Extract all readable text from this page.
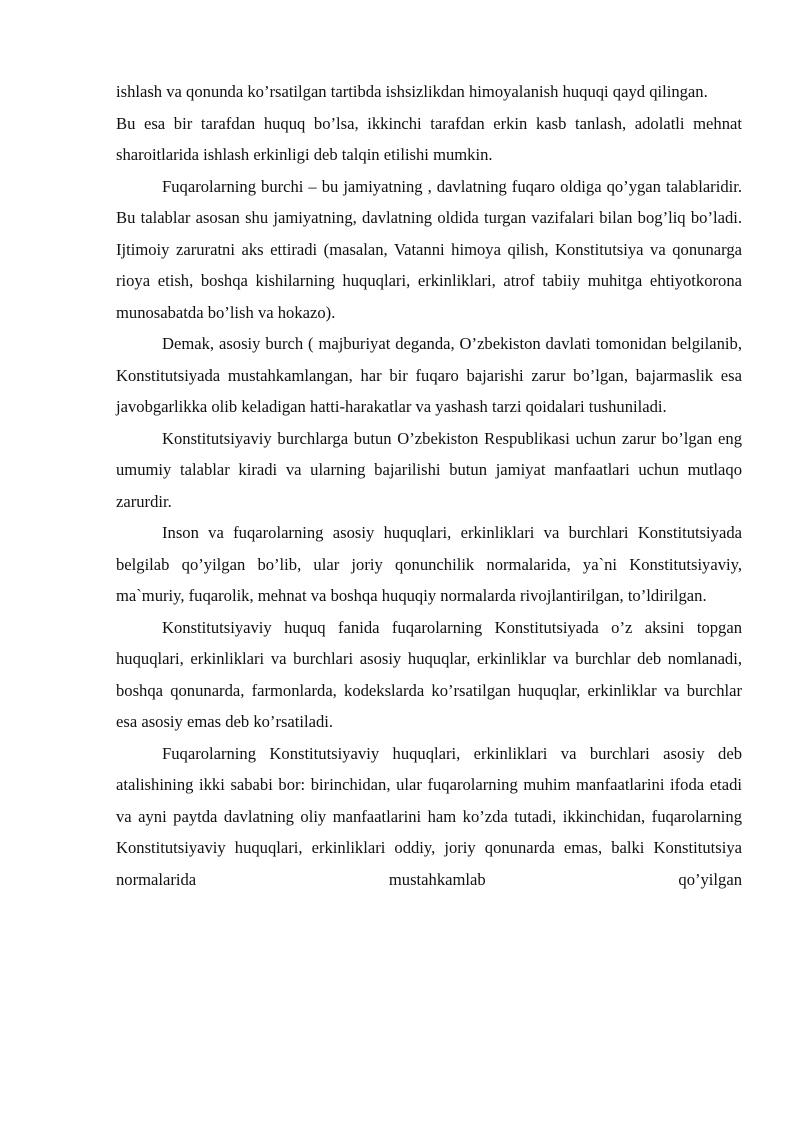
ishlash va qonunda ko’rsatilgan tartibda ishsizlikdan himoyalanish huquqi qayd qilingan.

Bu esa bir tarafdan huquq bo’lsa, ikkinchi tarafdan erkin kasb tanlash, adolatli mehnat sharoitlarida ishlash erkinligi deb talqin etilishi mumkin.

Fuqarolarning burchi – bu jamiyatning , davlatning fuqaro oldiga qo’ygan talablaridir. Bu talablar asosan shu jamiyatning, davlatning oldida turgan vazifalari bilan bog’liq bo’ladi. Ijtimoiy zaruratni aks ettiradi (masalan, Vatanni himoya qilish, Konstitutsiya va qonunarga rioya etish, boshqa kishilarning huquqlari, erkinliklari, atrof tabiiy muhitga ehtiyotkorona munosabatda bo’lish va hokazo).

Demak, asosiy burch ( majburiyat deganda, O’zbekiston davlati tomonidan belgilanib, Konstitutsiyada mustahkamlangan, har bir fuqaro bajarishi zarur bo’lgan, bajarmaslik esa javobgarlikka olib keladigan hatti-harakatlar va yashash tarzi qoidalari tushuniladi.

Konstitutsiyaviy burchlarga butun O’zbekiston Respublikasi uchun zarur bo’lgan eng umumiy talablar kiradi va ularning bajarilishi butun jamiyat manfaatlari uchun mutlaqo zarurdir.

Inson va fuqarolarning asosiy huquqlari, erkinliklari va burchlari Konstitutsiyada belgilab qo’yilgan bo’lib, ular joriy qonunchilik normalarida, ya`ni Konstitutsiyaviy, ma`muriy, fuqarolik, mehnat va boshqa huquqiy normalarda rivojlantirilgan, to’ldirilgan.

Konstitutsiyaviy huquq fanida fuqarolarning Konstitutsiyada o’z aksini topgan huquqlari, erkinliklari va burchlari asosiy huquqlar, erkinliklar va burchlar deb nomlanadi, boshqa qonunarda, farmonlarda, kodekslarda ko’rsatilgan huquqlar, erkinliklar va burchlar esa asosiy emas deb ko’rsatiladi.

Fuqarolarning Konstitutsiyaviy huquqlari, erkinliklari va burchlari asosiy deb atalishining ikki sababi bor: birinchidan, ular fuqarolarning muhim manfaatlarini ifoda etadi va ayni paytda davlatning oliy manfaatlarini ham ko’zda tutadi, ikkinchidan, fuqarolarning Konstitutsiyaviy huquqlari, erkinliklari oddiy, joriy qonunarda emas, balki Konstitutsiya normalarida mustahkamlab qo’yilgan
